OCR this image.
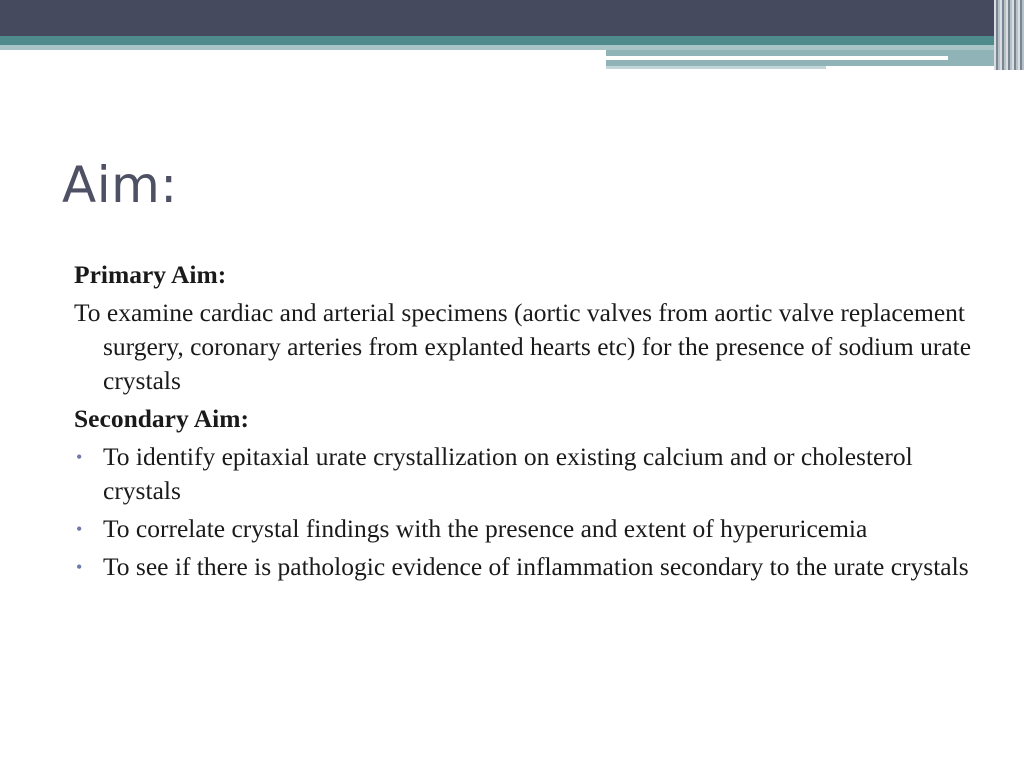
Aim:
Primary Aim:
To examine cardiac and arterial specimens (aortic valves from aortic valve replacement surgery, coronary arteries from explanted hearts etc) for the presence of sodium urate crystals
Secondary Aim:
• To identify epitaxial urate crystallization on existing calcium and or cholesterol crystals
• To correlate crystal findings with the presence and extent of hyperuricemia
• To see if there is pathologic evidence of inflammation secondary to the urate crystals
